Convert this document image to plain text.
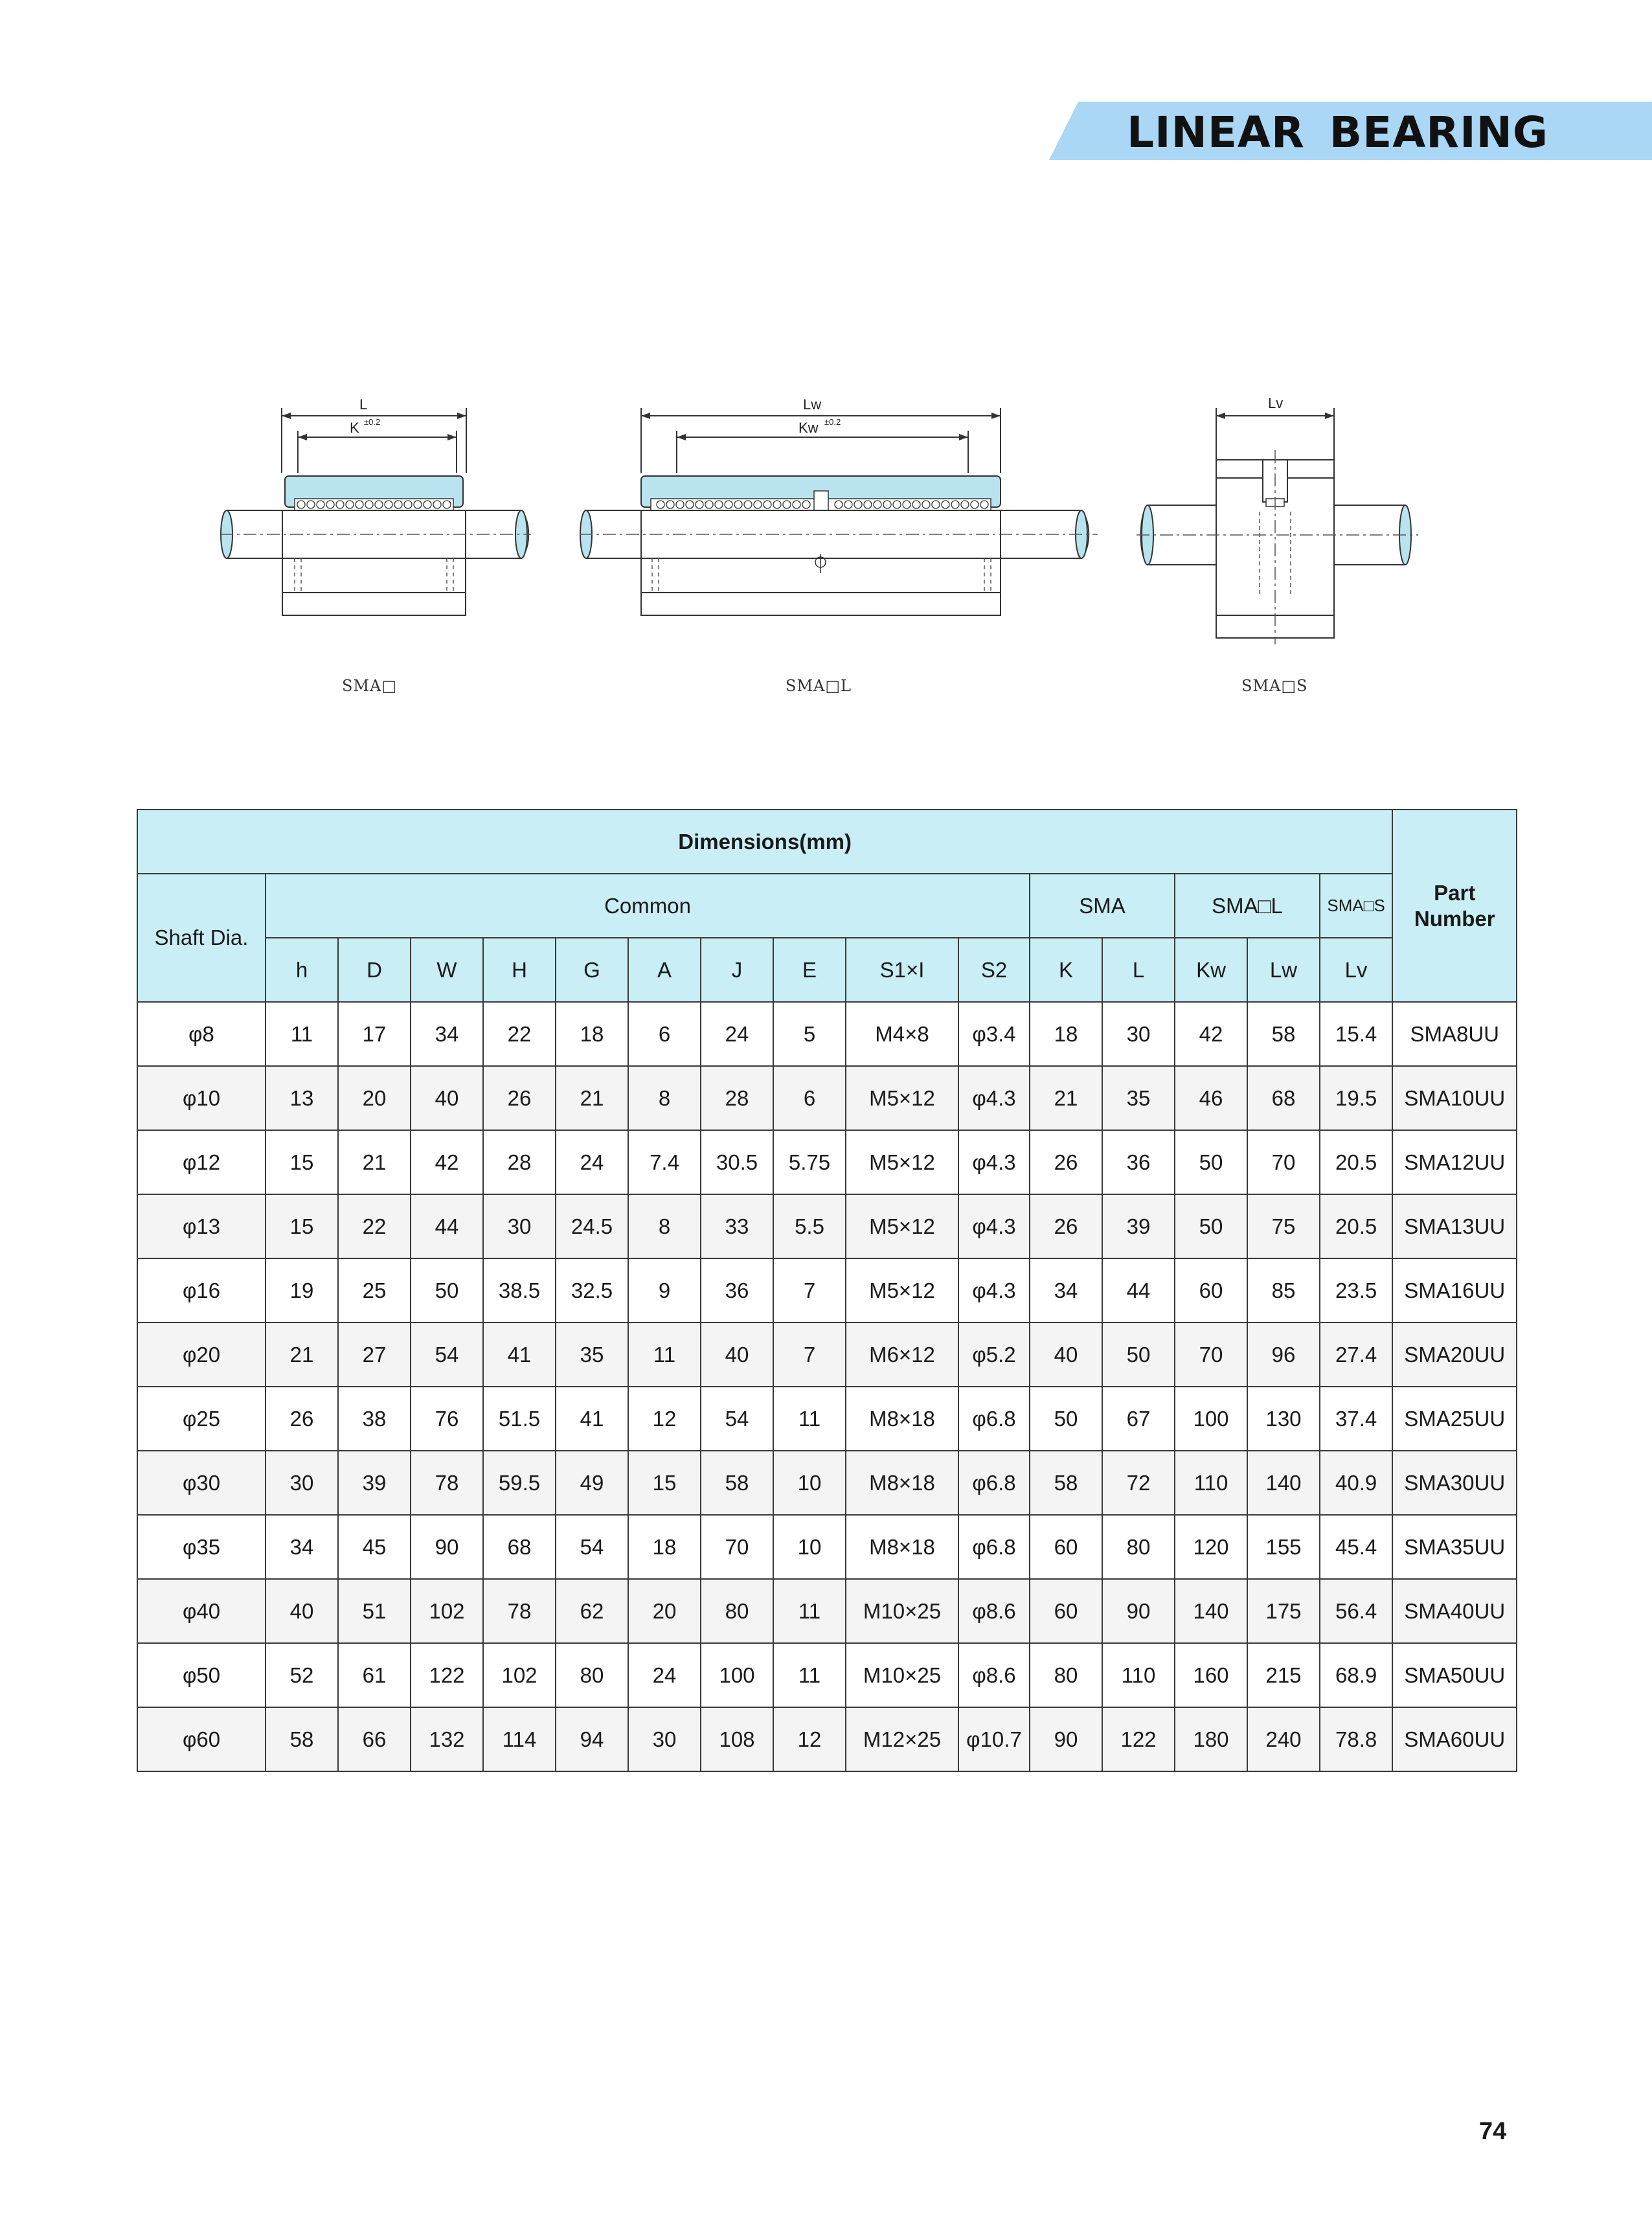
LINEAR BEARING
L
K ±0.2
SMA□
Lw
Kw ±0.2
SMA□L
Lv
SMA□S
Dimensions(mm)																Part Number
Shaft Dia.	Common										SMA		SMA□L		SMA□S	
	h	D	W	H	G	A	J	E	S1×I	S2	K	L	Kw	Lw	Lv	
φ8	11	17	34	22	18	6	24	5	M4×8	φ3.4	18	30	42	58	15.4	SMA8UU
φ10	13	20	40	26	21	8	28	6	M5×12	φ4.3	21	35	46	68	19.5	SMA10UU
φ12	15	21	42	28	24	7.4	30.5	5.75	M5×12	φ4.3	26	36	50	70	20.5	SMA12UU
φ13	15	22	44	30	24.5	8	33	5.5	M5×12	φ4.3	26	39	50	75	20.5	SMA13UU
φ16	19	25	50	38.5	32.5	9	36	7	M5×12	φ4.3	34	44	60	85	23.5	SMA16UU
φ20	21	27	54	41	35	11	40	7	M6×12	φ5.2	40	50	70	96	27.4	SMA20UU
φ25	26	38	76	51.5	41	12	54	11	M8×18	φ6.8	50	67	100	130	37.4	SMA25UU
φ30	30	39	78	59.5	49	15	58	10	M8×18	φ6.8	58	72	110	140	40.9	SMA30UU
φ35	34	45	90	68	54	18	70	10	M8×18	φ6.8	60	80	120	155	45.4	SMA35UU
φ40	40	51	102	78	62	20	80	11	M10×25	φ8.6	60	90	140	175	56.4	SMA40UU
φ50	52	61	122	102	80	24	100	11	M10×25	φ8.6	80	110	160	215	68.9	SMA50UU
φ60	58	66	132	114	94	30	108	12	M12×25	φ10.7	90	122	180	240	78.8	SMA60UU
74
